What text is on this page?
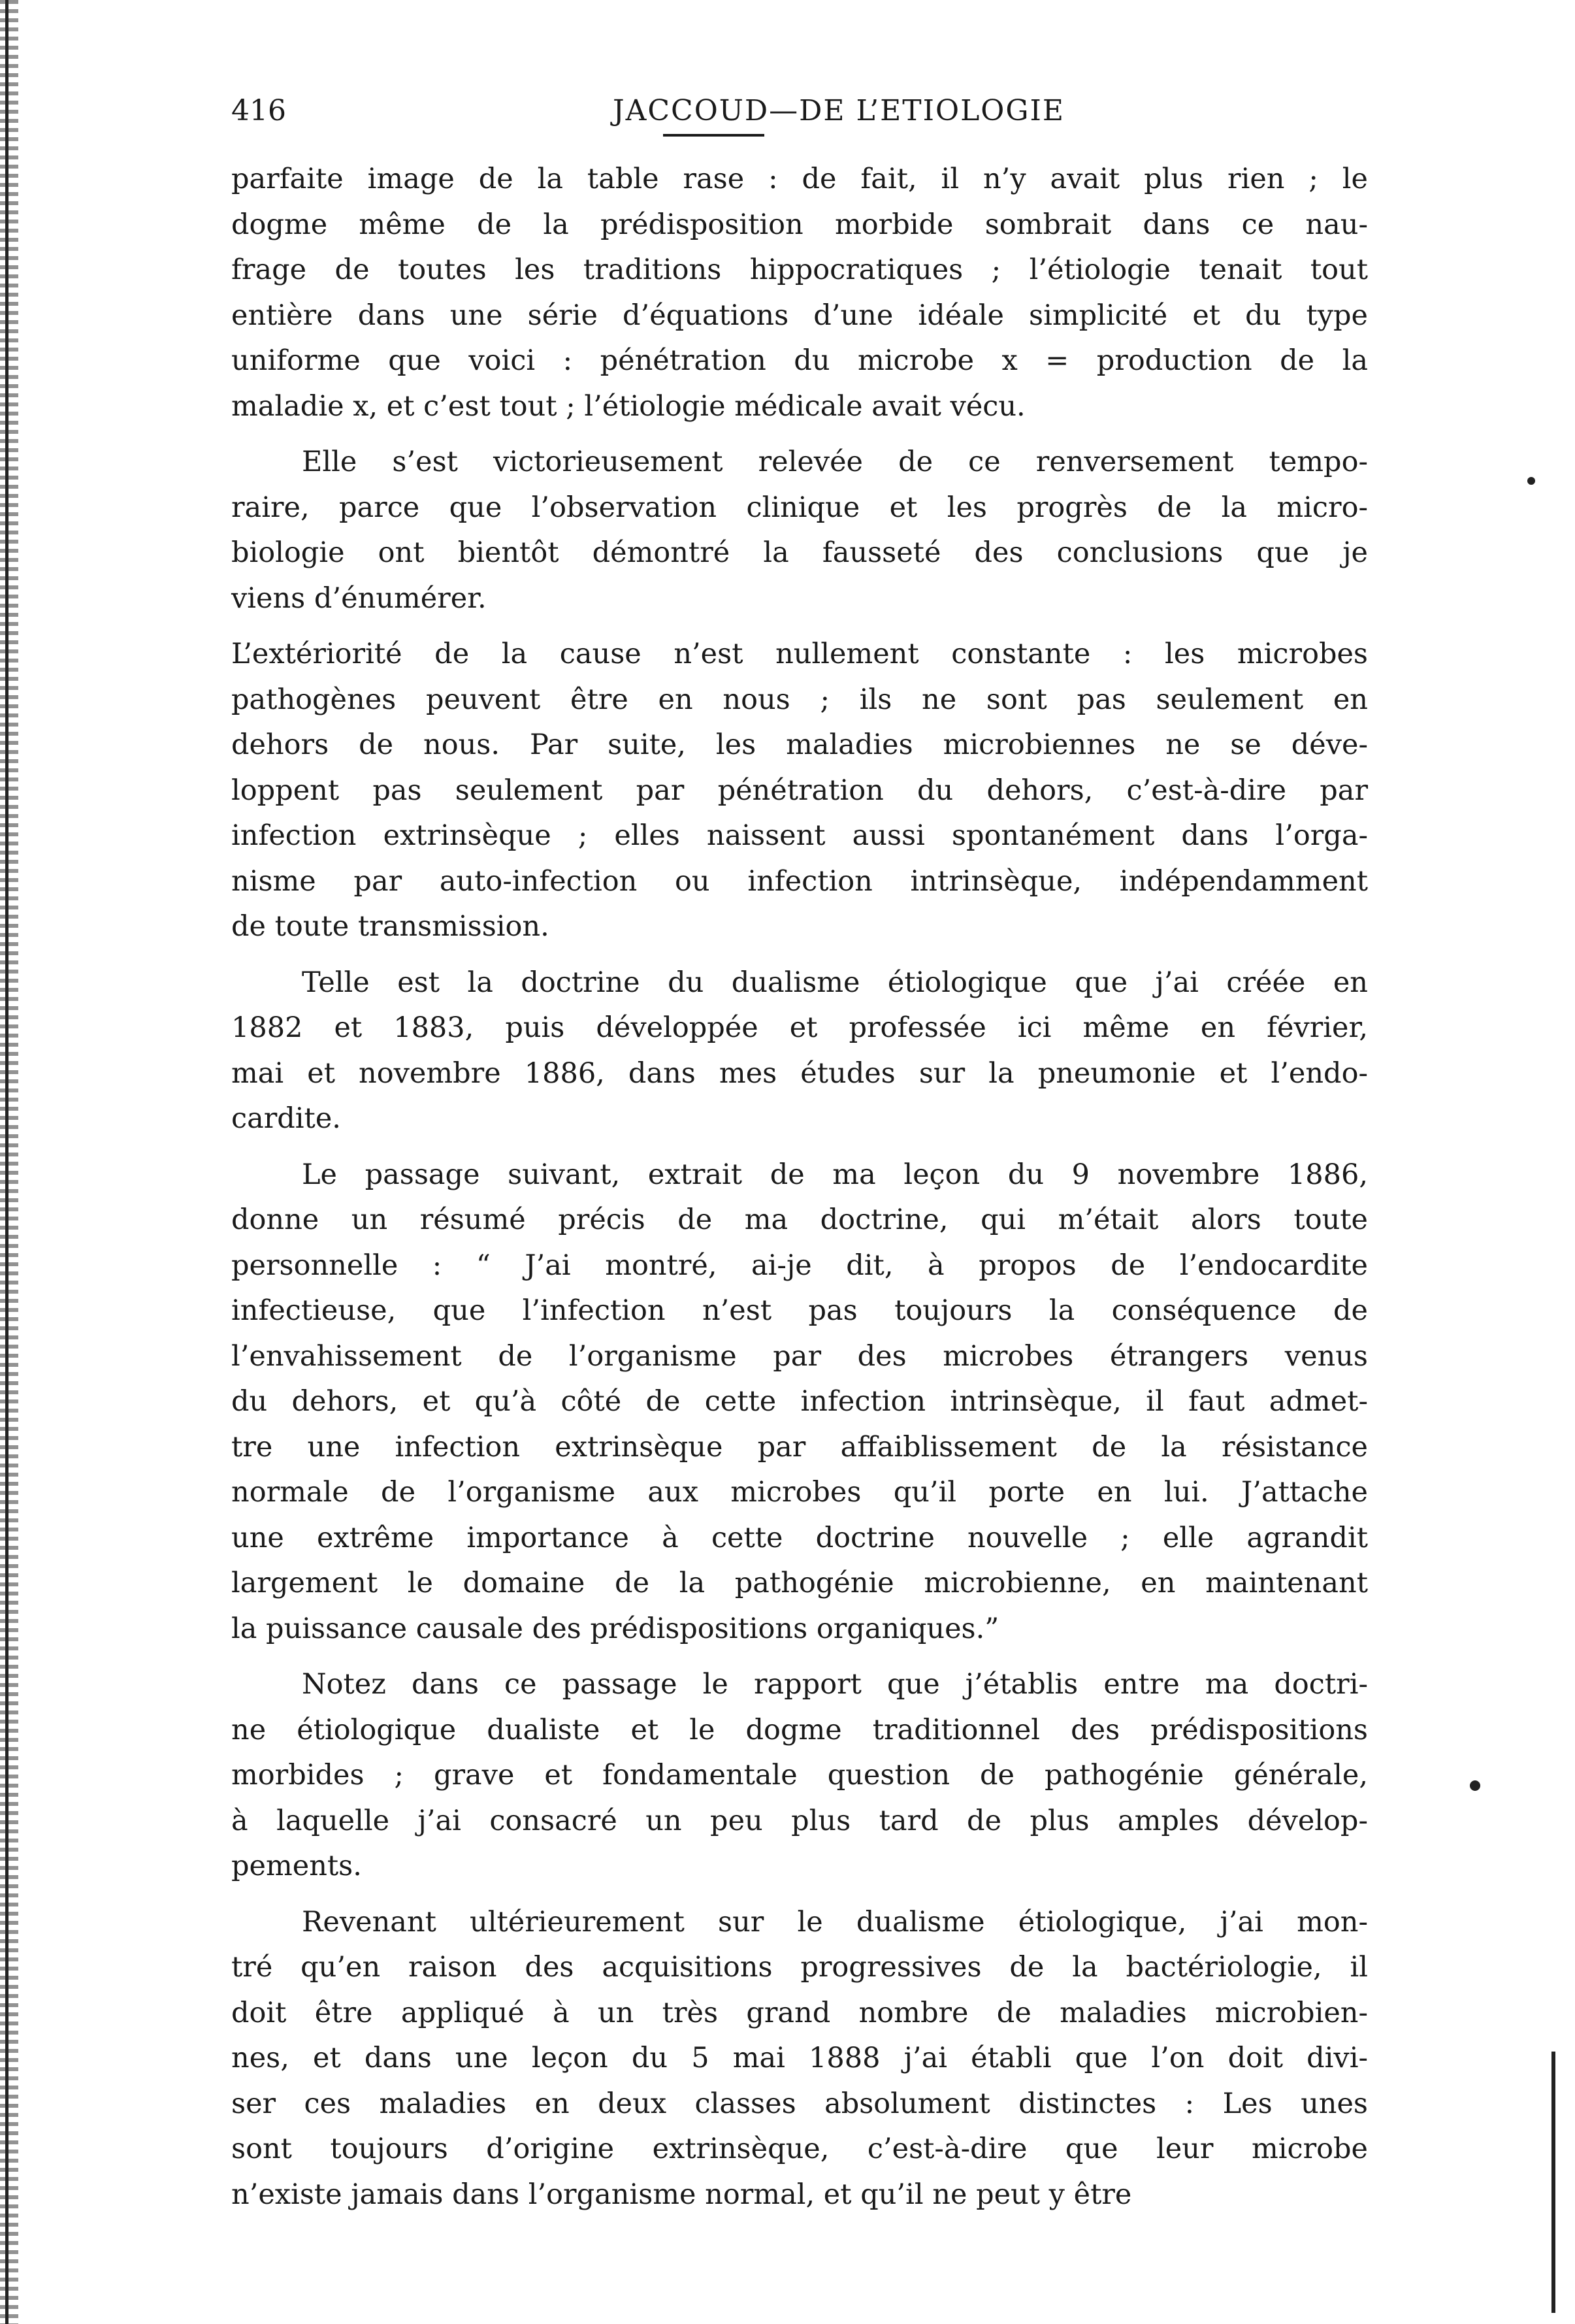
416	JACCOUD—DE L’ETIOLOGIE
parfaite image de la table rase : de fait, il n’y avait plus rien ; le
dogme même de la prédisposition morbide sombrait dans ce nau-
frage de toutes les traditions hippocratiques ; l’étiologie tenait tout
entière dans une série d’équations d’une idéale simplicité et du type
uniforme que voici : pénétration du microbe x = production de la
maladie x, et c’est tout ; l’étiologie médicale avait vécu.
Elle s’est victorieusement relevée de ce renversement tempo-
raire, parce que l’observation clinique et les progrès de la micro-
biologie ont bientôt démontré la fausseté des conclusions que je
viens d’énumérer.
L’extériorité de la cause n’est nullement constante : les microbes
pathogènes peuvent être en nous ; ils ne sont pas seulement en
dehors de nous. Par suite, les maladies microbiennes ne se déve-
loppent pas seulement par pénétration du dehors, c’est-à-dire par
infection extrinsèque ; elles naissent aussi spontanément dans l’orga-
nisme par auto-infection ou infection intrinsèque, indépendamment
de toute transmission.
Telle est la doctrine du dualisme étiologique que j’ai créée en
1882 et 1883, puis développée et professée ici même en février,
mai et novembre 1886, dans mes études sur la pneumonie et l’endo-
cardite.
Le passage suivant, extrait de ma leçon du 9 novembre 1886,
donne un résumé précis de ma doctrine, qui m’était alors toute
personnelle : “ J’ai montré, ai-je dit, à propos de l’endocardite
infectieuse, que l’infection n’est pas toujours la conséquence de
l’envahissement de l’organisme par des microbes étrangers venus
du dehors, et qu’à côté de cette infection intrinsèque, il faut admet-
tre une infection extrinsèque par affaiblissement de la résistance
normale de l’organisme aux microbes qu’il porte en lui. J’attache
une extrême importance à cette doctrine nouvelle ; elle agrandit
largement le domaine de la pathogénie microbienne, en maintenant
la puissance causale des prédispositions organiques.”
Notez dans ce passage le rapport que j’établis entre ma doctri-
ne étiologique dualiste et le dogme traditionnel des prédispositions
morbides ; grave et fondamentale question de pathogénie générale,
à laquelle j’ai consacré un peu plus tard de plus amples dévelop-
pements.
Revenant ultérieurement sur le dualisme étiologique, j’ai mon-
tré qu’en raison des acquisitions progressives de la bactériologie, il
doit être appliqué à un très grand nombre de maladies microbien-
nes, et dans une leçon du 5 mai 1888 j’ai établi que l’on doit divi-
ser ces maladies en deux classes absolument distinctes : Les unes
sont toujours d’origine extrinsèque, c’est-à-dire que leur microbe
n’existe jamais dans l’organisme normal, et qu’il ne peut y être
